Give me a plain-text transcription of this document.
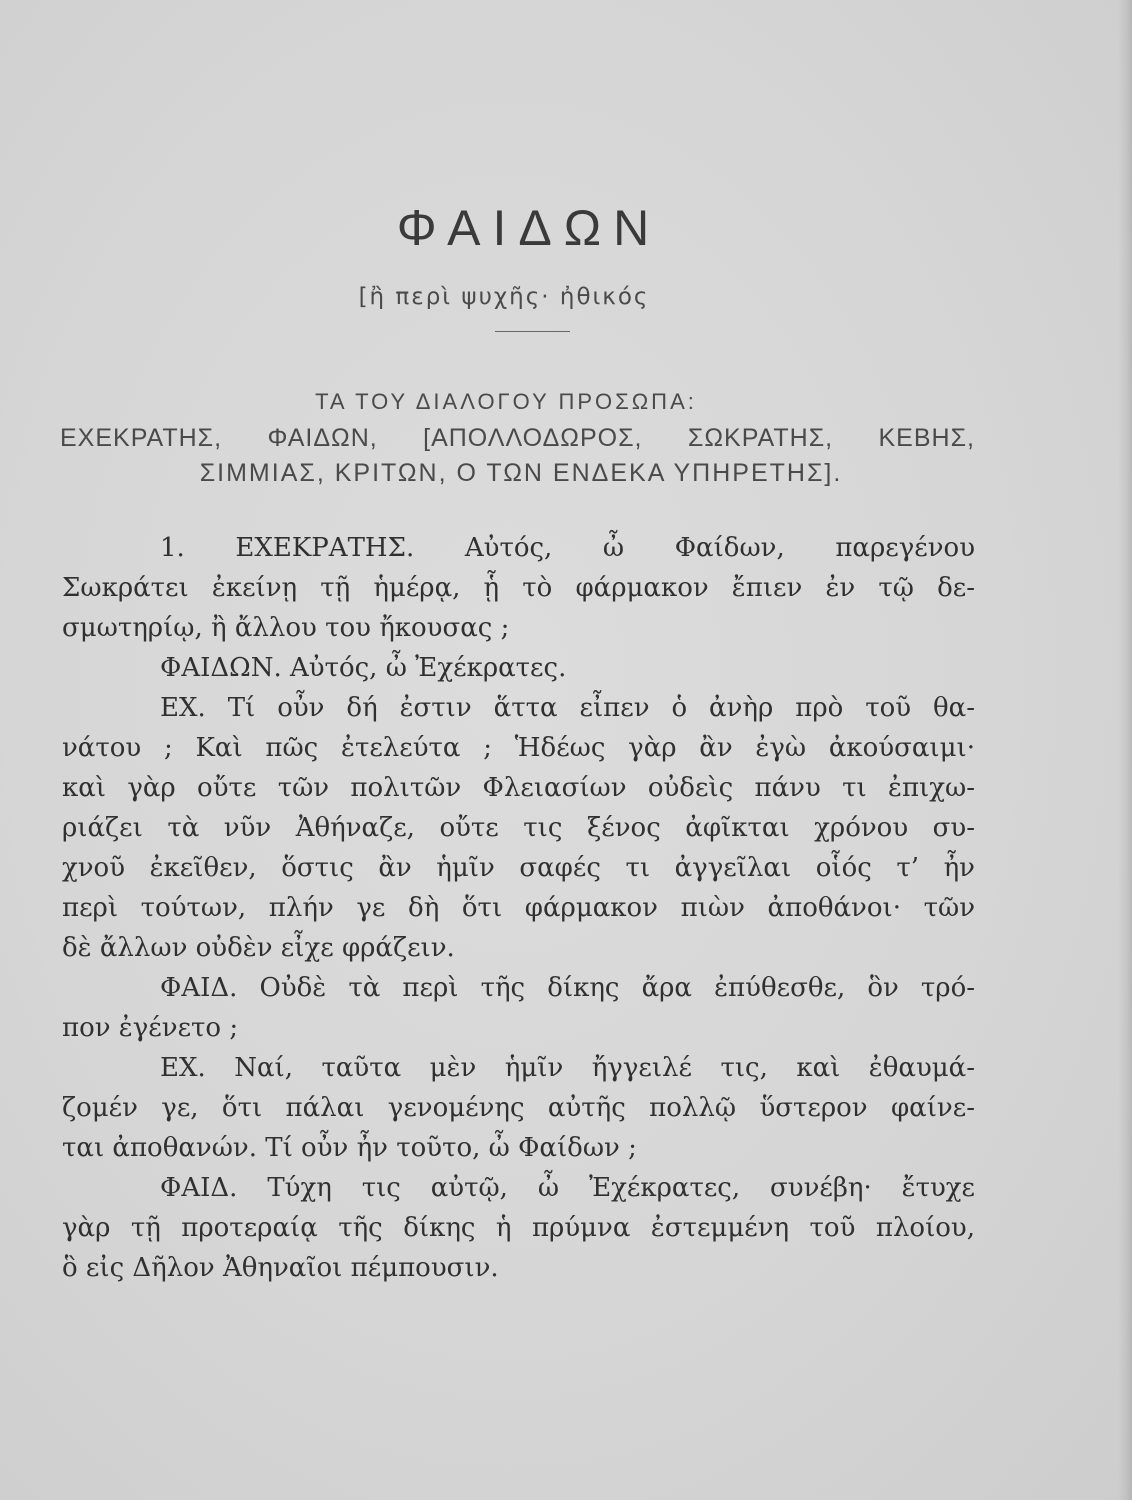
ΦΑΙΔΩΝ
[ἢ περὶ ψυχῆς· ἠθικός
ΤΑ ΤΟΥ ΔΙΑΛΟΓΟΥ ΠΡΟΣΩΠΑ:
ΕΧΕΚΡΑΤΗΣ, ΦΑΙΔΩΝ, [ΑΠΟΛΛΟΔΩΡΟΣ, ΣΩΚΡΑΤΗΣ, ΚΕΒΗΣ,
ΣΙΜΜΙΑΣ, ΚΡΙΤΩΝ, Ο ΤΩΝ ΕΝΔΕΚΑ ΥΠΗΡΕΤΗΣ].
1. ΕΧΕΚΡΑΤΗΣ. Αὐτός, ὦ Φαίδων, παρεγένου
Σωκράτει ἐκείνῃ τῇ ἡμέρᾳ, ᾗ τὸ φάρμακον ἔπιεν ἐν τῷ δε-
σμωτηρίῳ, ἢ ἄλλου του ἤκουσας ;
ΦΑΙΔΩΝ. Αὐτός, ὦ Ἐχέκρατες.
ΕΧ. Τί οὖν δή ἐστιν ἅττα εἶπεν ὁ ἀνὴρ πρὸ τοῦ θα-
νάτου ; Καὶ πῶς ἐτελεύτα ; Ἡδέως γὰρ ἂν ἐγὼ ἀκούσαιμι·
καὶ γὰρ οὔτε τῶν πολιτῶν Φλειασίων οὐδεὶς πάνυ τι ἐπιχω-
ριάζει τὰ νῦν Ἀθήναζε, οὔτε τις ξένος ἀφῖκται χρόνου συ-
χνοῦ ἐκεῖθεν, ὅστις ἂν ἡμῖν σαφές τι ἀγγεῖλαι οἷός τ’ ἦν
περὶ τούτων, πλήν γε δὴ ὅτι φάρμακον πιὼν ἀποθάνοι· τῶν
δὲ ἄλλων οὐδὲν εἶχε φράζειν.
ΦΑΙΔ. Οὐδὲ τὰ περὶ τῆς δίκης ἄρα ἐπύθεσθε, ὃν τρό-
πον ἐγένετο ;
ΕΧ. Ναί, ταῦτα μὲν ἡμῖν ἤγγειλέ τις, καὶ ἐθαυμά-
ζομέν γε, ὅτι πάλαι γενομένης αὐτῆς πολλῷ ὕστερον φαίνε-
ται ἀποθανών. Τί οὖν ἦν τοῦτο, ὦ Φαίδων ;
ΦΑΙΔ. Τύχη τις αὐτῷ, ὦ Ἐχέκρατες, συνέβη· ἔτυχε
γὰρ τῇ προτεραίᾳ τῆς δίκης ἡ πρύμνα ἐστεμμένη τοῦ πλοίου,
ὃ εἰς Δῆλον Ἀθηναῖοι πέμπουσιν.
